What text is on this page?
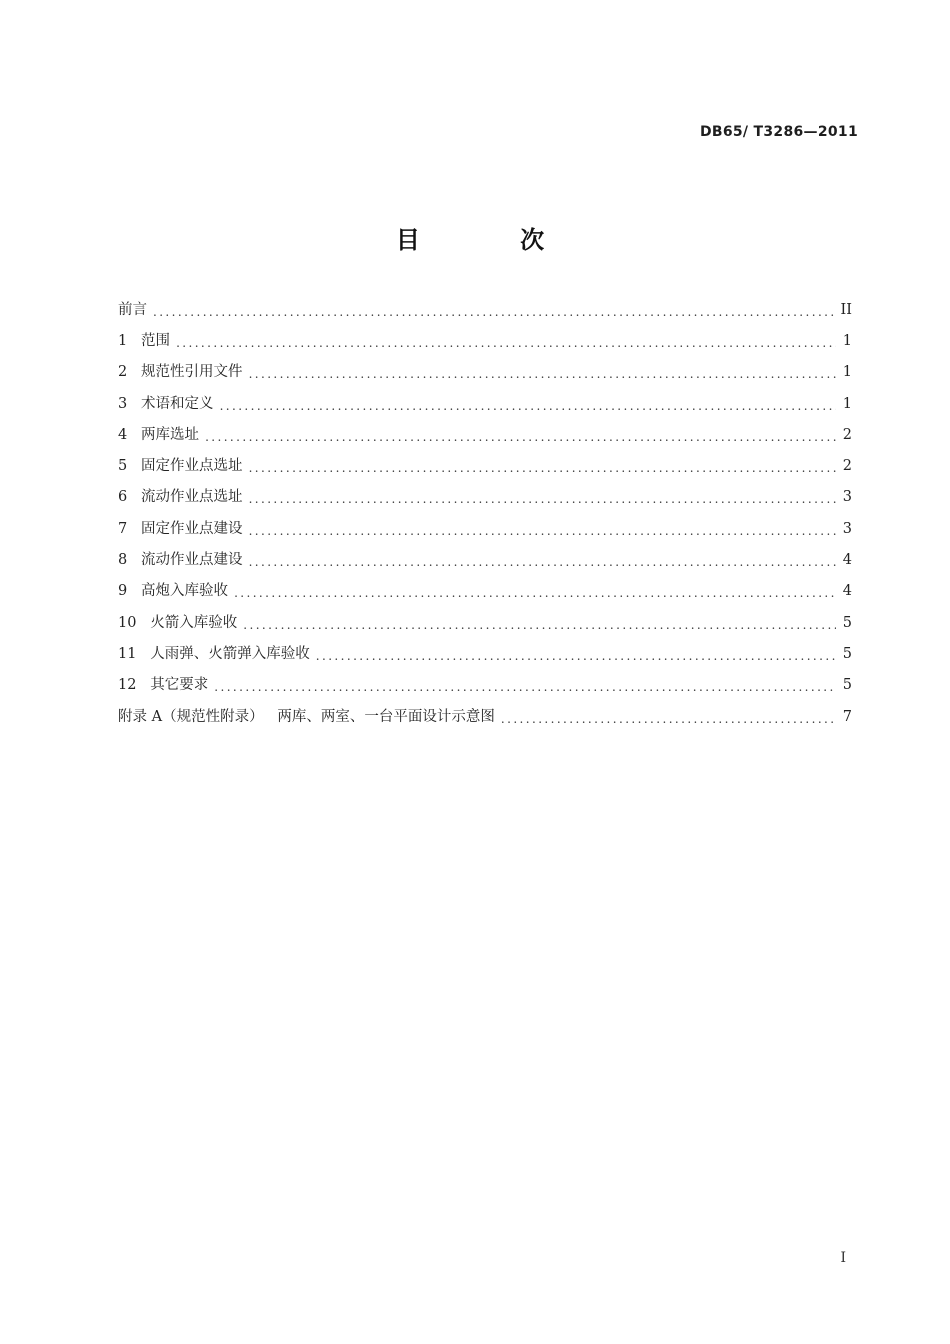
DB65/ T3286—2011
目 次
前言 .....	II
1   范围 .....	1
2   规范性引用文件 .....	1
3   术语和定义 .....	1
4   两库选址 .....	2
5   固定作业点选址 .....	2
6   流动作业点选址 .....	3
7   固定作业点建设 .....	3
8   流动作业点建设 .....	4
9   高炮入库验收 .....	4
10   火箭入库验收 .....	5
11   人雨弹、火箭弹入库验收 .....	5
12   其它要求 .....	5
附录 A（规范性附录）   两库、两室、一台平面设计示意图 .....	7
I
